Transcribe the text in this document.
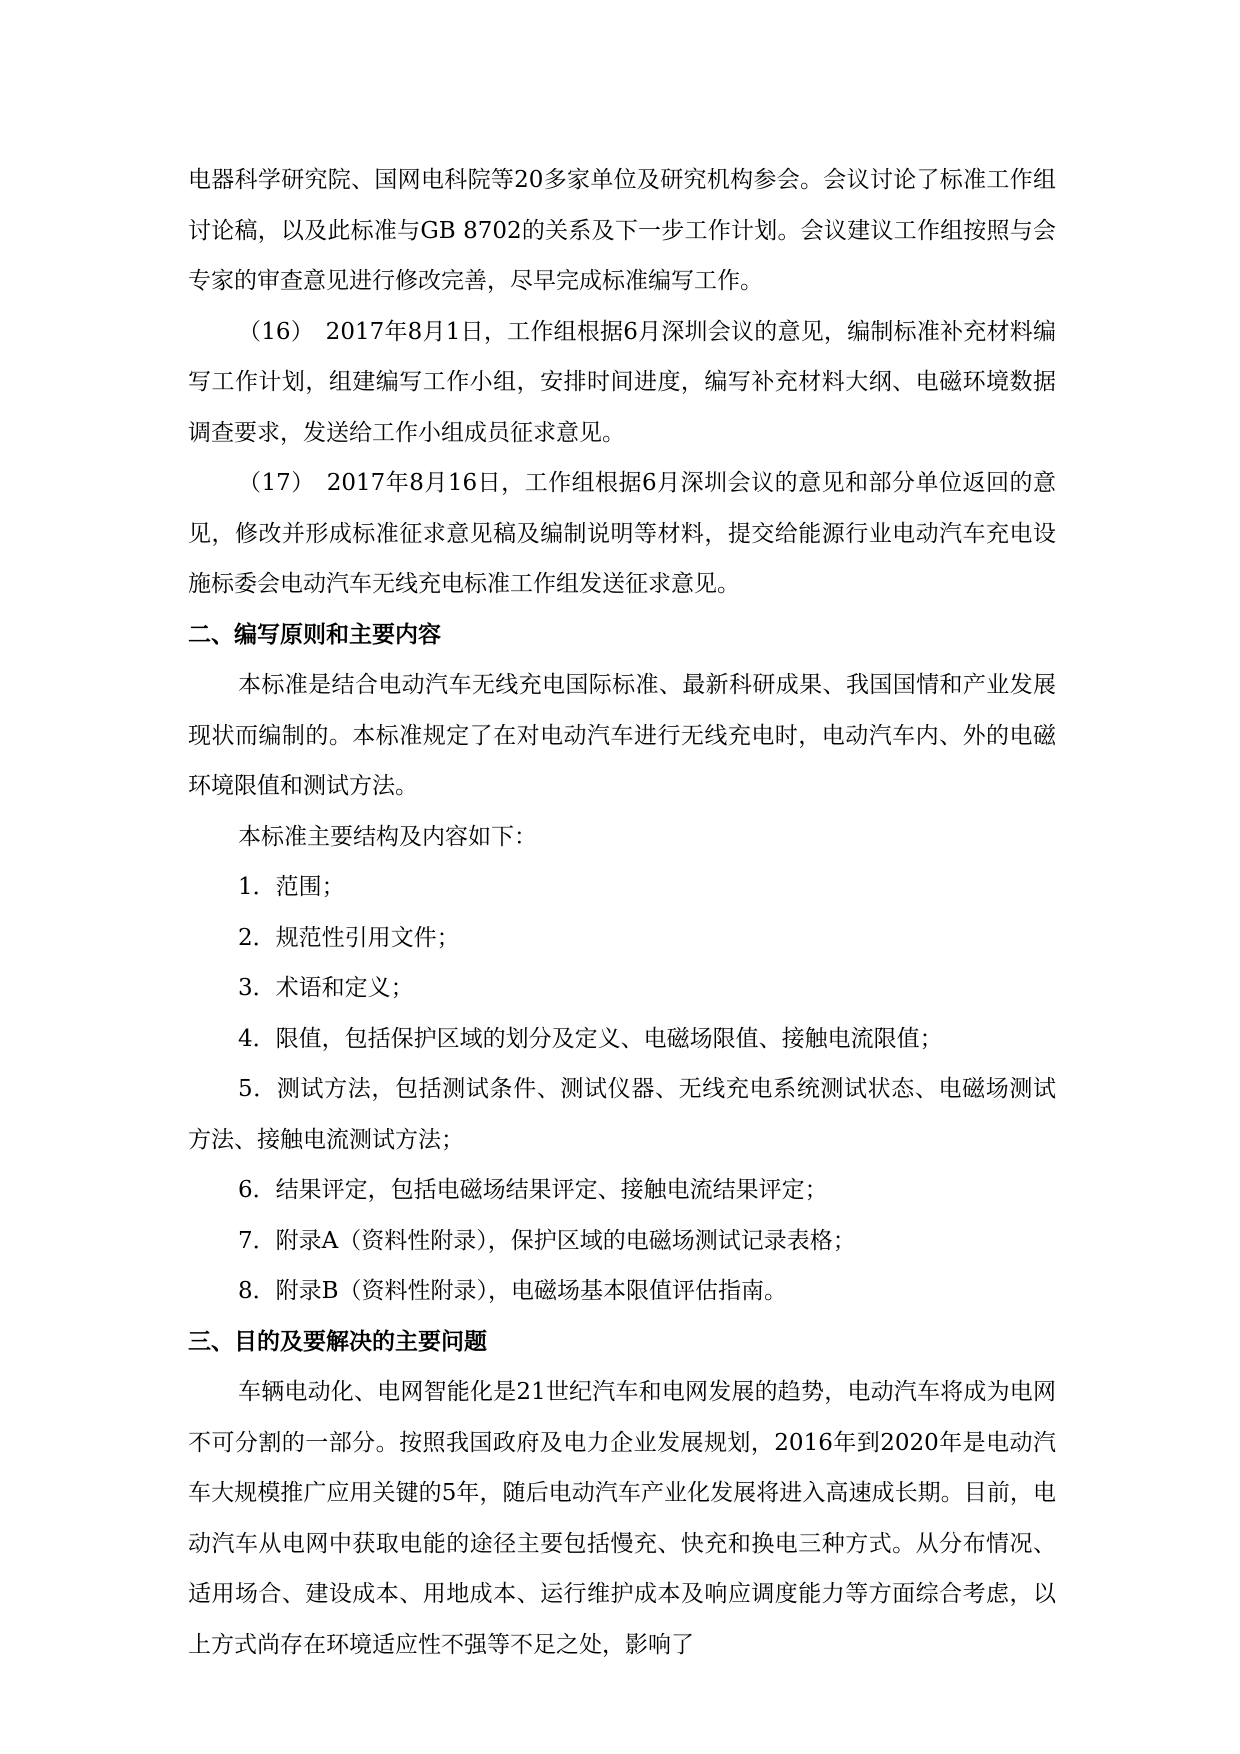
电器科学研究院、国网电科院等20多家单位及研究机构参会。会议讨论了标准工作组讨论稿，以及此标准与GB 8702的关系及下一步工作计划。会议建议工作组按照与会专家的审查意见进行修改完善，尽早完成标准编写工作。

（16）　2017年8月1日，工作组根据6月深圳会议的意见，编制标准补充材料编写工作计划，组建编写工作小组，安排时间进度，编写补充材料大纲、电磁环境数据调查要求，发送给工作小组成员征求意见。

（17）　2017年8月16日，工作组根据6月深圳会议的意见和部分单位返回的意见，修改并形成标准征求意见稿及编制说明等材料，提交给能源行业电动汽车充电设施标委会电动汽车无线充电标准工作组发送征求意见。

二、编写原则和主要内容

本标准是结合电动汽车无线充电国际标准、最新科研成果、我国国情和产业发展现状而编制的。本标准规定了在对电动汽车进行无线充电时，电动汽车内、外的电磁环境限值和测试方法。

本标准主要结构及内容如下：

1．范围；

2．规范性引用文件；

3．术语和定义；

4．限值，包括保护区域的划分及定义、电磁场限值、接触电流限值；

5．测试方法，包括测试条件、测试仪器、无线充电系统测试状态、电磁场测试方法、接触电流测试方法；

6．结果评定，包括电磁场结果评定、接触电流结果评定；

7．附录A（资料性附录），保护区域的电磁场测试记录表格；

8．附录B（资料性附录），电磁场基本限值评估指南。

三、目的及要解决的主要问题

车辆电动化、电网智能化是21世纪汽车和电网发展的趋势，电动汽车将成为电网不可分割的一部分。按照我国政府及电力企业发展规划，2016年到2020年是电动汽车大规模推广应用关键的5年，随后电动汽车产业化发展将进入高速成长期。目前，电动汽车从电网中获取电能的途径主要包括慢充、快充和换电三种方式。从分布情况、适用场合、建设成本、用地成本、运行维护成本及响应调度能力等方面综合考虑，以上方式尚存在环境适应性不强等不足之处，影响了
